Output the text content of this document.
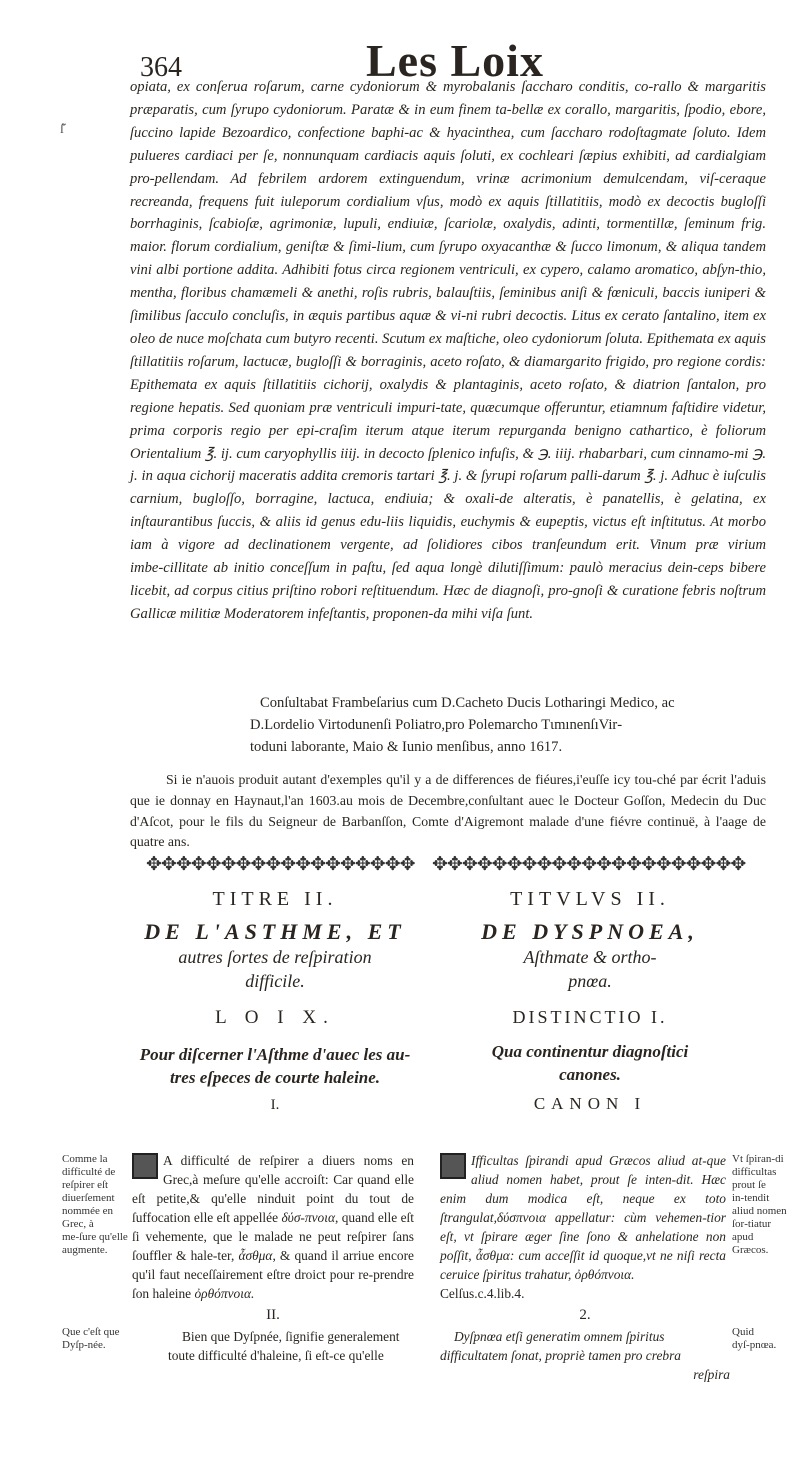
364	Les Loix
ſ̆

opiata, ex conſerua roſarum, carne cydoniorum & myrobalanis ſaccharo conditis, co‑rallo & margaritis præparatis, cum ſyrupo cydoniorum. Paratæ & in eum finem ta‑bellæ ex corallo, margaritis, ſpodio, ebore, ſuccino lapide Bezoardico, confectione baphi‑ac & hyacinthea, cum ſaccharo rodoſtagmate ſoluto. Idem pulueres cardiaci per ſe, nonnunquam cardiacis aquis ſoluti, ex cochleari ſæpius exhibiti, ad cardialgiam pro‑pellendam. Ad febrilem ardorem extinguendum, vrinæ acrimonium demulcendam, viſ‑ceraque recreanda, frequens fuit iuleporum cordialium vſus, modò ex aquis ſtillatitiis, modò ex decoctis bugloſſi borrhaginis, ſcabioſæ, agrimoniæ, lupuli, endiuiæ, ſcariolæ, oxalydis, adinti, tormentillæ, ſeminum frig. maior. florum cordialium, geniſtæ & ſimi‑lium, cum ſyrupo oxyacanthæ & ſucco limonum, & aliqua tandem vini albi portione addita. Adhibiti fotus circa regionem ventriculi, ex cypero, calamo aromatico, abſyn‑thio, mentha, floribus chamæmeli & anethi, roſis rubris, balauſtiis, ſeminibus aniſi & fœniculi, baccis iuniperi & ſimilibus ſacculo concluſis, in æquis partibus aquæ & vi‑ni rubri decoctis. Litus ex cerato ſantalino, item ex oleo de nuce moſchata cum butyro recenti. Scutum ex maſtiche, oleo cydoniorum ſoluta. Epithemata ex aquis ſtillatitiis roſarum, lactucæ, bugloſſi & borraginis, aceto roſato, & diamargarito frigido, pro regione cordis: Epithemata ex aquis ſtillatitiis cichorij, oxalydis & plantaginis, aceto roſato, & diatrion ſantalon, pro regione hepatis. Sed quoniam præ ventriculi impuri‑tate, quæcumque offeruntur, etiamnum faſtidire videtur, prima corporis regio per epi‑craſim iterum atque iterum repurganda benigno cathartico, è foliorum Orientalium ℥. ij. cum caryophyllis iiij. in decocto ſplenico infuſis, & ℈. iiij. rhabarbari, cum cinnamo‑mi ℈. j. in aqua cichorij maceratis addita cremoris tartari ℥. j. & ſyrupi roſarum palli‑darum ℥. j. Adhuc è iuſculis carnium, bugloſſo, borragine, lactuca, endiuia; & oxali‑de alteratis, è panatellis, è gelatina, ex inſtaurantibus ſuccis, & aliis id genus edu‑liis liquidis, euchymis & eupeptis, victus eſt inſtitutus. At morbo iam à vigore ad declinationem vergente, ad ſolidiores cibos tranſeundum erit. Vinum præ virium imbe‑cillitate ab initio conceſſum in paſtu, ſed aqua longè dilutiſſimum: paulò meracius dein‑ceps bibere licebit, ad corpus citius priſtino robori reſtituendum. Hæc de diagnoſi, pro‑gnoſi & curatione febris noſtrum Gallicæ militiæ Moderatorem infeſtantis, proponen‑da mihi viſa ſunt.

Conſultabat Frambeſarius cum D.Cacheto Ducis Lotharingi Medico, ac
D.Lordelio Virtodunenſi Poliatro,pro Polemarcho TɩmınenſıVir‑
toduni laborante, Maio & Iunio menſibus, anno 1617.

Si ie n'auois produit autant d'exemples qu'il y a de differences de fiéures,i'euſſe icy tou‑ché par écrit l'aduis que ie donnay en Haynaut,l'an 1603.au mois de Decembre,conſultant auec le Docteur Goſſon, Medecin du Duc d'Aſcot, pour le fils du Seigneur de Barbanſſon, Comte d'Aigremont malade d'une fiévre continuë, à l'aage de quatre ans.

✥✥✥✥✥✥✥✥✥✥✥✥✥✥✥✥✥✥ ✥✥✥✥✥✥✥✥✥✥✥✥✥✥✥✥✥✥✥✥✥

TITRE II.

DE L'ASTHME, ET

autres ſortes de reſpiration

difficile.

L O I X.

Pour diſcerner l'Aſthme d'auec les au‑

tres eſpeces de courte haleine.

I.

TITVLVS II.

DE DYSPNOEA,

Aſthmate & ortho‑

pnœa.

DISTINCTIO I.

Qua continentur diagnoſtici

canones.

CANON I

A difficulté de reſpirer a diuers noms en Grec,à meſure qu'elle accroiſt: Car quand elle eſt petite,& qu'elle ninduit point du tout de ſuffocation elle eſt appellée δύσ‑πνοια, quand elle eſt ſi vehemente, que le malade ne peut reſpirer ſans ſouffler & hale‑ter, ἆσθμα, & quand il arriue encore qu'il faut neceſſairement eſtre droict pour re‑prendre ſon haleine ὀρθόπνοια.

II.

Bien que Dyſpnée, ſignifie generalement toute difficulté d'haleine, ſi eſt‑ce qu'elle

Ifficultas ſpirandi apud Græcos aliud at‑que aliud nomen habet, prout ſe inten‑dit. Hæc enim dum modica eſt, neque ex toto ſtrangulat,δύσπνοια appellatur: cùm vehemen‑tior eſt, vt ſpirare æger ſine ſono & anhelatione non poſſit, ἆσθμα: cum acceſſit id quoque,vt ne niſi recta ceruice ſpiritus trahatur, ὀρθόπνοια.
Celſus.c.4.lib.4.

2.

Dyſpnœa etſi generatim omnem ſpiritus difficultatem ſonat, propriè tamen pro crebra

reſpira

Comme la difficulté de reſpirer eſt diuerſement nommée en Grec, à me‑ſure qu'elle augmente.

Que c'eſt que Dyſp‑née.

Vt ſpiran‑di difficultas prout ſe in‑tendit aliud nomen ſor‑tiatur apud Græcos.

Quid dyſ‑pnœa.
